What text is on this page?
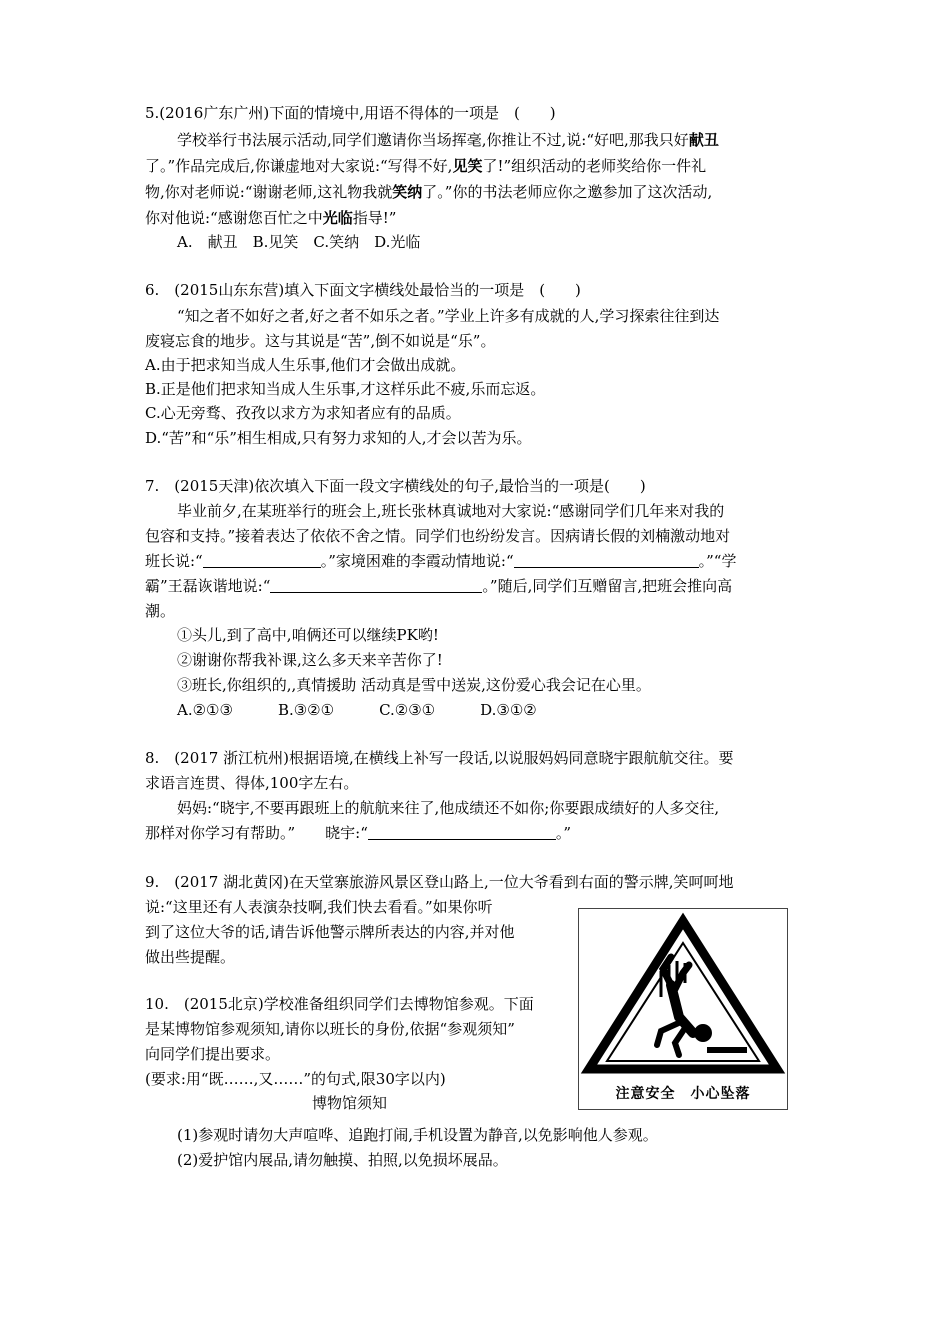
5.(2016广东广州)下面的情境中,用语不得体的一项是　(　　)
学校举行书法展示活动,同学们邀请你当场挥毫,你推让不过,说:“好吧,那我只好献丑
了。”作品完成后,你谦虚地对大家说:“写得不好,见笑了!”组织活动的老师奖给你一件礼
物,你对老师说:“谢谢老师,这礼物我就笑纳了。”你的书法老师应你之邀参加了这次活动,
你对他说:“感谢您百忙之中光临指导!”
A.　献丑　B.见笑　C.笑纳　D.光临
6.　(2015山东东营)填入下面文字横线处最恰当的一项是　(　　)
“知之者不如好之者,好之者不如乐之者。”学业上许多有成就的人,学习探索往往到达
废寝忘食的地步。这与其说是“苦”,倒不如说是“乐”。
A.由于把求知当成人生乐事,他们才会做出成就。
B.正是他们把求知当成人生乐事,才这样乐此不疲,乐而忘返。
C.心无旁骛、孜孜以求方为求知者应有的品质。
D.“苦”和“乐”相生相成,只有努力求知的人,才会以苦为乐。
7.　(2015天津)依次填入下面一段文字横线处的句子,最恰当的一项是(　　)
毕业前夕,在某班举行的班会上,班长张林真诚地对大家说:“感谢同学们几年来对我的
包容和支持。”接着表达了依依不舍之情。同学们也纷纷发言。因病请长假的刘楠激动地对
班长说:“	。”家境困难的李霞动情地说:“	。”“学
霸”王磊诙谐地说:“	。”随后,同学们互赠留言,把班会推向高
潮。
①头儿,到了高中,咱俩还可以继续PK哟!
②谢谢你帮我补课,这么多天来辛苦你了!
③班长,你组织的,,真情援助 活动真是雪中送炭,这份爱心我会记在心里。
A.②①③　　　B.③②①　　　C.②③①　　　D.③①②
8.　(2017 浙江杭州)根据语境,在横线上补写一段话,以说服妈妈同意晓宇跟航航交往。要
求语言连贯、得体,100字左右。
妈妈:“晓宇,不要再跟班上的航航来往了,他成绩还不如你;你要跟成绩好的人多交往,
那样对你学习有帮助。”　　晓宇:“	。”
9.　(2017 湖北黄冈)在天堂寨旅游风景区登山路上,一位大爷看到右面的警示牌,笑呵呵地
说:“这里还有人表演杂技啊,我们快去看看。”如果你听
到了这位大爷的话,请告诉他警示牌所表达的内容,并对他
做出些提醒。
10.　(2015北京)学校准备组织同学们去博物馆参观。下面
是某博物馆参观须知,请你以班长的身份,依据“参观须知”
向同学们提出要求。
(要求:用“既……,又……”的句式,限30字以内)
博物馆须知
(1)参观时请勿大声喧哗、追跑打闹,手机设置为静音,以免影响他人参观。
(2)爱护馆内展品,请勿触摸、拍照,以免损坏展品。
注意安全　小心坠落
